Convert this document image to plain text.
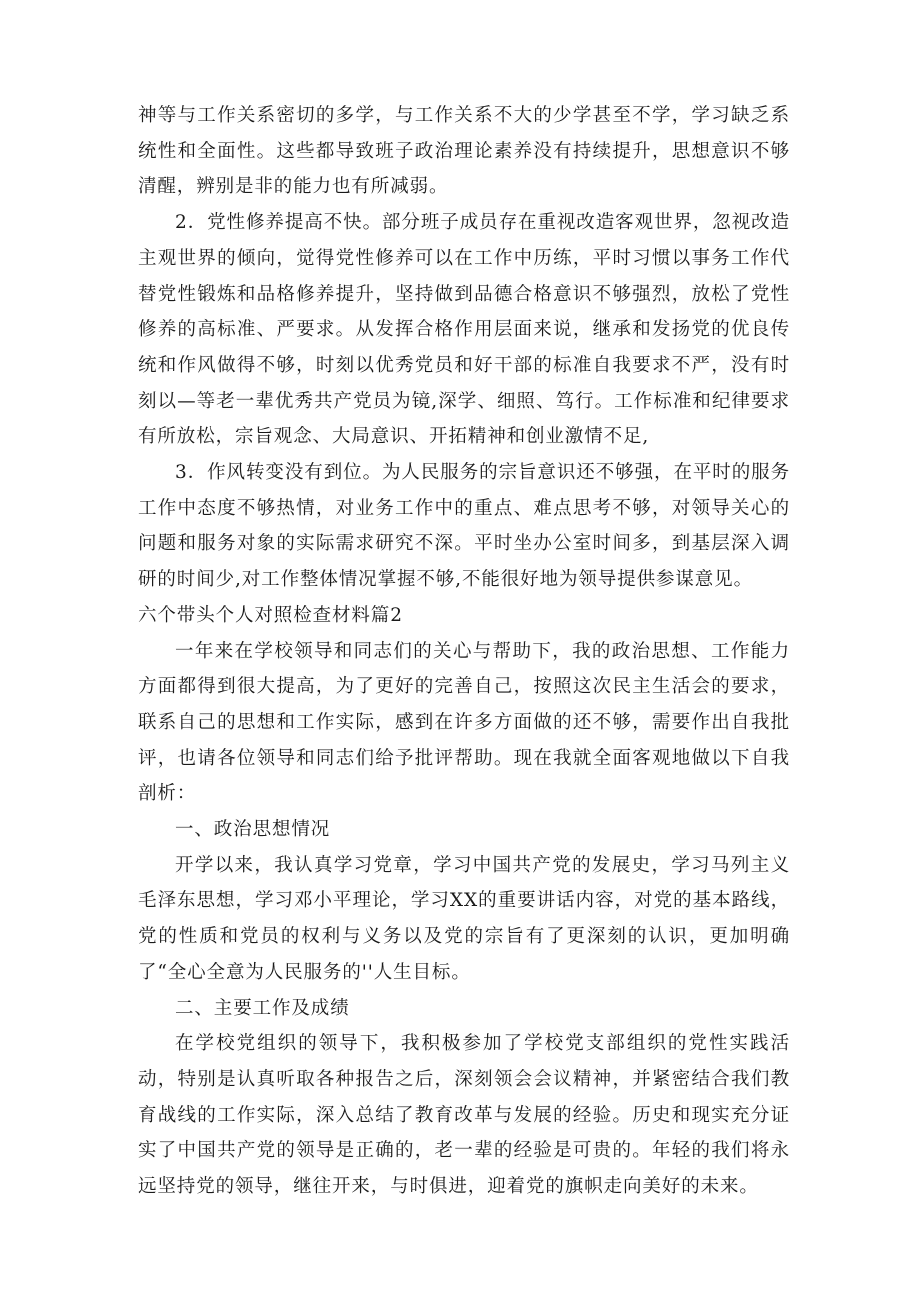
神等与工作关系密切的多学，与工作关系不大的少学甚至不学，学习缺乏系统性和全面性。这些都导致班子政治理论素养没有持续提升，思想意识不够清醒，辨别是非的能力也有所减弱。

2．党性修养提高不快。部分班子成员存在重视改造客观世界，忽视改造主观世界的倾向，觉得党性修养可以在工作中历练，平时习惯以事务工作代替党性锻炼和品格修养提升，坚持做到品德合格意识不够强烈，放松了党性修养的高标准、严要求。从发挥合格作用层面来说，继承和发扬党的优良传统和作风做得不够，时刻以优秀党员和好干部的标准自我要求不严，没有时刻以—等老一辈优秀共产党员为镜,深学、细照、笃行。工作标准和纪律要求有所放松，宗旨观念、大局意识、开拓精神和创业激情不足,

3．作风转变没有到位。为人民服务的宗旨意识还不够强，在平时的服务工作中态度不够热情，对业务工作中的重点、难点思考不够，对领导关心的问题和服务对象的实际需求研究不深。平时坐办公室时间多，到基层深入调研的时间少,对工作整体情况掌握不够,不能很好地为领导提供参谋意见。

六个带头个人对照检查材料篇2

一年来在学校领导和同志们的关心与帮助下，我的政治思想、工作能力方面都得到很大提高，为了更好的完善自己，按照这次民主生活会的要求，联系自己的思想和工作实际，感到在许多方面做的还不够，需要作出自我批评，也请各位领导和同志们给予批评帮助。现在我就全面客观地做以下自我剖析：

一、政治思想情况

开学以来，我认真学习党章，学习中国共产党的发展史，学习马列主义毛泽东思想，学习邓小平理论，学习XX的重要讲话内容，对党的基本路线，党的性质和党员的权利与义务以及党的宗旨有了更深刻的认识，更加明确了“全心全意为人民服务的''人生目标。

二、主要工作及成绩

在学校党组织的领导下，我积极参加了学校党支部组织的党性实践活动，特别是认真听取各种报告之后，深刻领会会议精神，并紧密结合我们教育战线的工作实际，深入总结了教育改革与发展的经验。历史和现实充分证实了中国共产党的领导是正确的，老一辈的经验是可贵的。年轻的我们将永远坚持党的领导，继往开来，与时俱进，迎着党的旗帜走向美好的未来。
